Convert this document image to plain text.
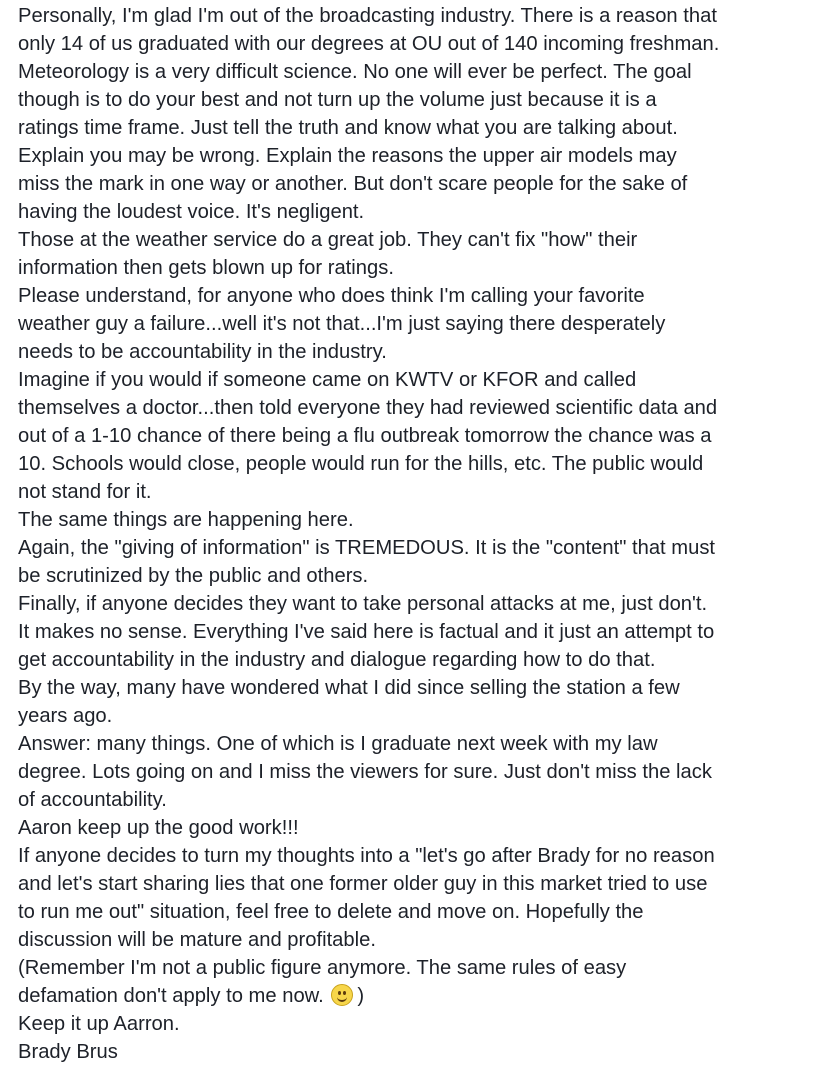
Personally, I'm glad I'm out of the broadcasting industry. There is a reason that
only 14 of us graduated with our degrees at OU out of 140 incoming freshman.
Meteorology is a very difficult science. No one will ever be perfect. The goal
though is to do your best and not turn up the volume just because it is a
ratings time frame. Just tell the truth and know what you are talking about.
Explain you may be wrong. Explain the reasons the upper air models may
miss the mark in one way or another. But don't scare people for the sake of
having the loudest voice. It's negligent.
Those at the weather service do a great job. They can't fix "how" their
information then gets blown up for ratings.
Please understand, for anyone who does think I'm calling your favorite
weather guy a failure...well it's not that...I'm just saying there desperately
needs to be accountability in the industry.
Imagine if you would if someone came on KWTV or KFOR and called
themselves a doctor...then told everyone they had reviewed scientific data and
out of a 1-10 chance of there being a flu outbreak tomorrow the chance was a
10. Schools would close, people would run for the hills, etc. The public would
not stand for it.
The same things are happening here.
Again, the "giving of information" is TREMEDOUS. It is the "content" that must
be scrutinized by the public and others.
Finally, if anyone decides they want to take personal attacks at me, just don't.
It makes no sense. Everything I've said here is factual and it just an attempt to
get accountability in the industry and dialogue regarding how to do that.
By the way, many have wondered what I did since selling the station a few
years ago.
Answer: many things. One of which is I graduate next week with my law
degree. Lots going on and I miss the viewers for sure. Just don't miss the lack
of accountability.
Aaron keep up the good work!!!
If anyone decides to turn my thoughts into a "let's go after Brady for no reason
and let's start sharing lies that one former older guy in this market tried to use
to run me out" situation, feel free to delete and move on. Hopefully the
discussion will be mature and profitable.
(Remember I'm not a public figure anymore. The same rules of easy
defamation don't apply to me now. )
Keep it up Aarron.
Brady Brus
